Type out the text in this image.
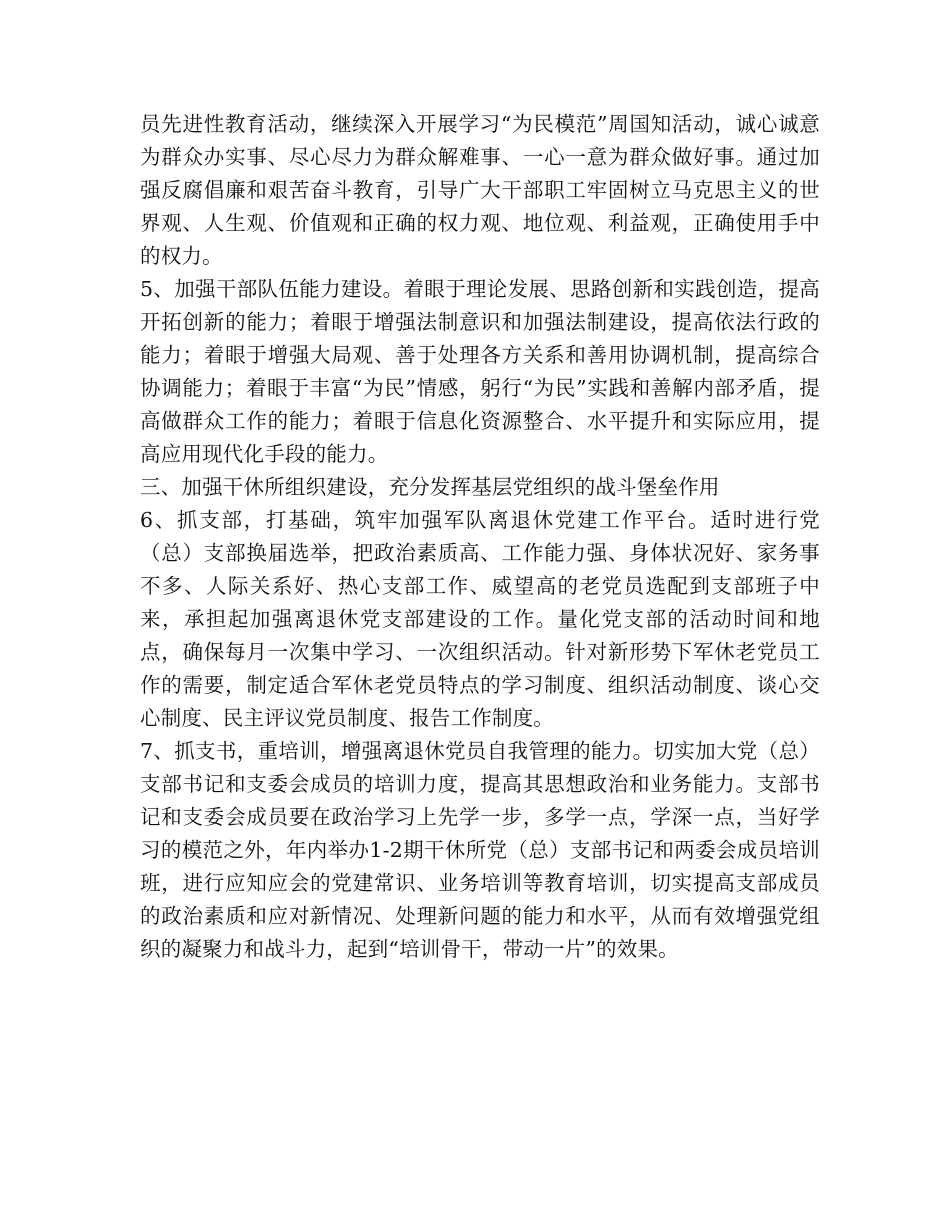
员先进性教育活动，继续深入开展学习“为民模范”周国知活动，诚心诚意为群众办实事、尽心尽力为群众解难事、一心一意为群众做好事。通过加强反腐倡廉和艰苦奋斗教育，引导广大干部职工牢固树立马克思主义的世界观、人生观、价值观和正确的权力观、地位观、利益观，正确使用手中的权力。

5、加强干部队伍能力建设。着眼于理论发展、思路创新和实践创造，提高开拓创新的能力；着眼于增强法制意识和加强法制建设，提高依法行政的能力；着眼于增强大局观、善于处理各方关系和善用协调机制，提高综合协调能力；着眼于丰富“为民”情感，躬行“为民”实践和善解内部矛盾，提高做群众工作的能力；着眼于信息化资源整合、水平提升和实际应用，提高应用现代化手段的能力。

三、加强干休所组织建设，充分发挥基层党组织的战斗堡垒作用

6、抓支部，打基础，筑牢加强军队离退休党建工作平台。适时进行党（总）支部换届选举，把政治素质高、工作能力强、身体状况好、家务事不多、人际关系好、热心支部工作、威望高的老党员选配到支部班子中来，承担起加强离退休党支部建设的工作。量化党支部的活动时间和地点，确保每月一次集中学习、一次组织活动。针对新形势下军休老党员工作的需要，制定适合军休老党员特点的学习制度、组织活动制度、谈心交心制度、民主评议党员制度、报告工作制度。

7、抓支书，重培训，增强离退休党员自我管理的能力。切实加大党（总）支部书记和支委会成员的培训力度，提高其思想政治和业务能力。支部书记和支委会成员要在政治学习上先学一步，多学一点，学深一点，当好学习的模范之外，年内举办1-2期干休所党（总）支部书记和两委会成员培训班，进行应知应会的党建常识、业务培训等教育培训，切实提高支部成员的政治素质和应对新情况、处理新问题的能力和水平，从而有效增强党组织的凝聚力和战斗力，起到“培训骨干，带动一片”的效果。
